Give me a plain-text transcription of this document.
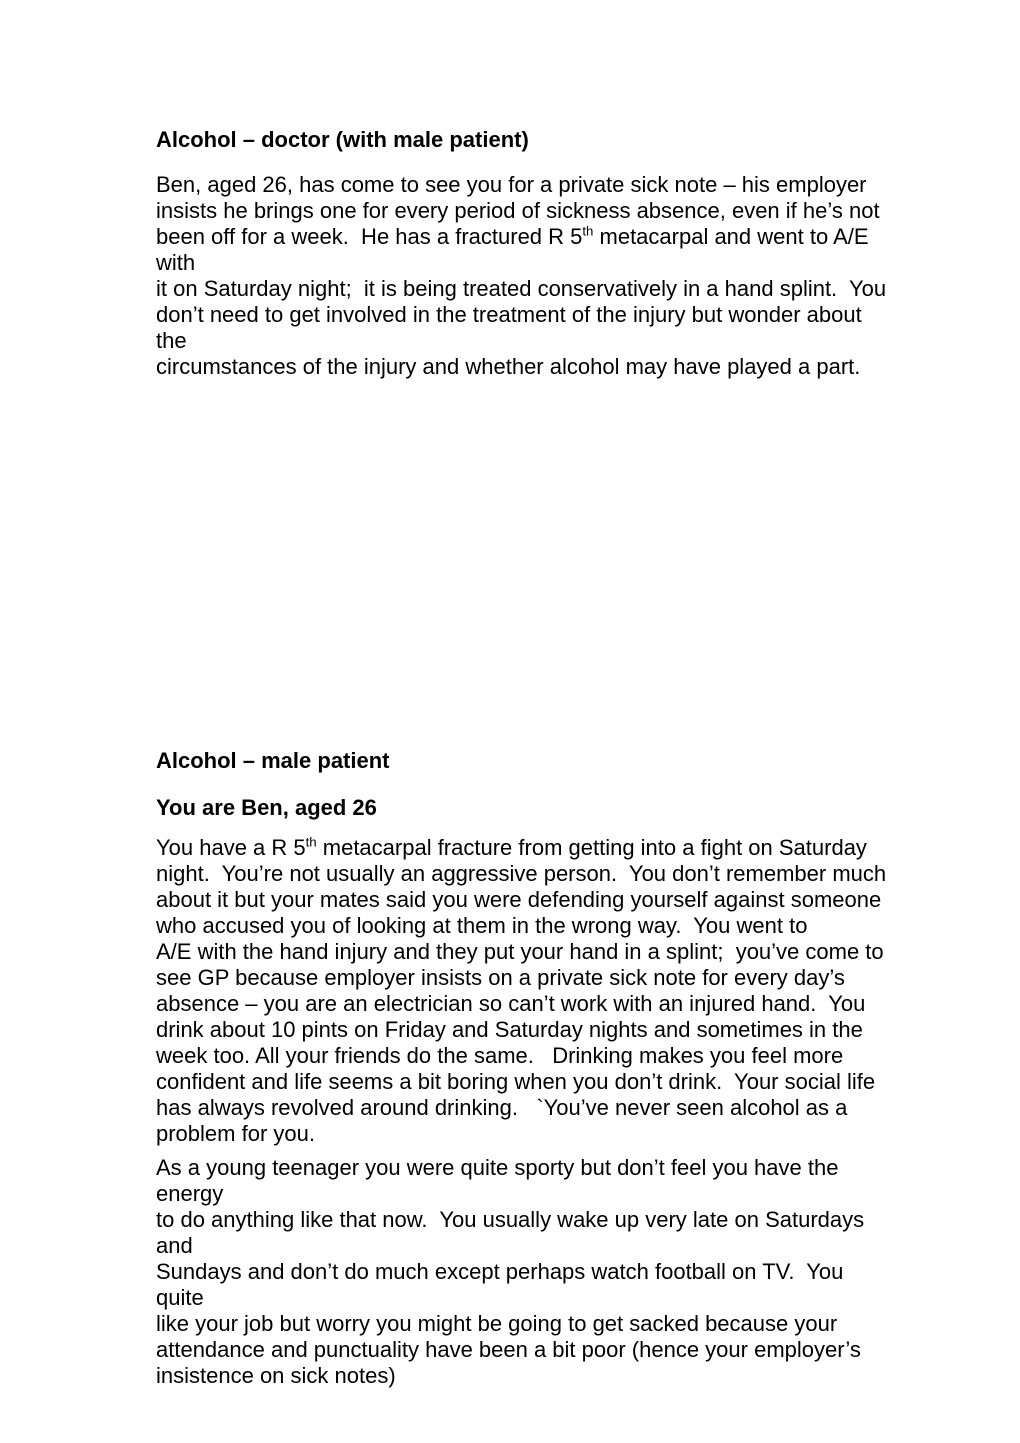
Alcohol – doctor (with male patient)

Ben, aged 26, has come to see you for a private sick note – his employer
insists he brings one for every period of sickness absence, even if he’s not
been off for a week.  He has a fractured R 5th metacarpal and went to A/E with
it on Saturday night;  it is being treated conservatively in a hand splint.  You
don’t need to get involved in the treatment of the injury but wonder about the
circumstances of the injury and whether alcohol may have played a part.

Alcohol – male patient
You are Ben, aged 26

You have a R 5th metacarpal fracture from getting into a fight on Saturday
night.  You’re not usually an aggressive person.  You don’t remember much
about it but your mates said you were defending yourself against someone
who accused you of looking at them in the wrong way.  You went to
A/E with the hand injury and they put your hand in a splint;  you’ve come to
see GP because employer insists on a private sick note for every day’s
absence – you are an electrician so can’t work with an injured hand.  You
drink about 10 pints on Friday and Saturday nights and sometimes in the
week too. All your friends do the same.   Drinking makes you feel more
confident and life seems a bit boring when you don’t drink.  Your social life
has always revolved around drinking.   `You’ve never seen alcohol as a
problem for you.

As a young teenager you were quite sporty but don’t feel you have the energy
to do anything like that now.  You usually wake up very late on Saturdays and
Sundays and don’t do much except perhaps watch football on TV.  You quite
like your job but worry you might be going to get sacked because your
attendance and punctuality have been a bit poor (hence your employer’s
insistence on sick notes)
